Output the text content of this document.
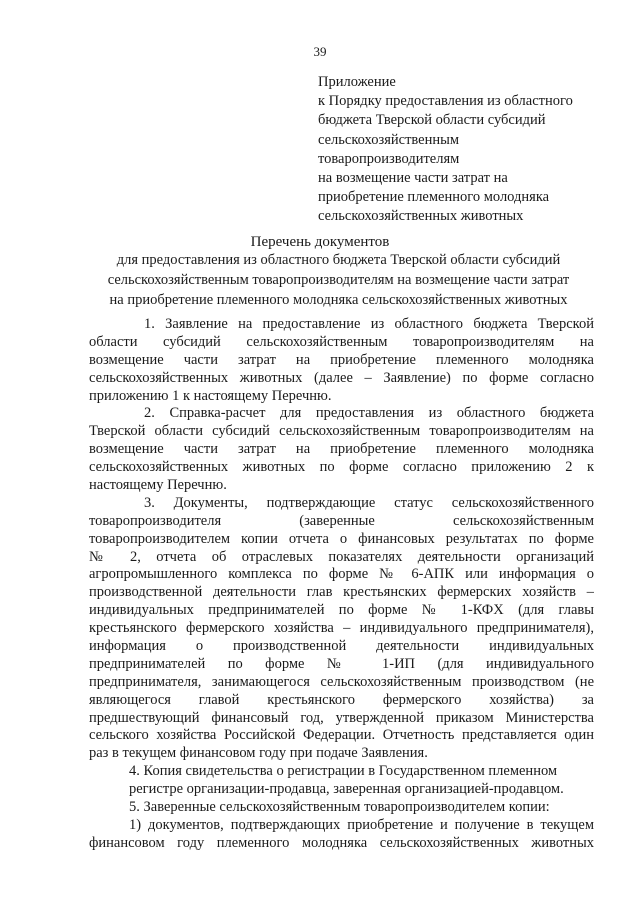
39
Приложение
к Порядку предоставления из областного
бюджета Тверской области субсидий
сельскохозяйственным
товаропроизводителям
на возмещение части затрат на
приобретение племенного молодняка
сельскохозяйственных животных
Перечень документов
для предоставления из областного бюджета Тверской области субсидий
сельскохозяйственным товаропроизводителям на возмещение части затрат
на приобретение племенного молодняка сельскохозяйственных животных
1. Заявление на предоставление из областного бюджета Тверской
области субсидий сельскохозяйственным товаропроизводителям на
возмещение части затрат на приобретение племенного молодняка
сельскохозяйственных животных (далее – Заявление) по форме согласно
приложению 1 к настоящему Перечню.
2. Справка-расчет для предоставления из областного бюджета
Тверской области субсидий сельскохозяйственным товаропроизводителям на
возмещение части затрат на приобретение племенного молодняка
сельскохозяйственных животных по форме согласно приложению 2 к
настоящему Перечню.
3. Документы, подтверждающие статус сельскохозяйственного
товаропроизводителя (заверенные сельскохозяйственным
товаропроизводителем копии отчета о финансовых результатах по форме
№ 2, отчета об отраслевых показателях деятельности организаций
агропромышленного комплекса по форме № 6-АПК или информация о
производственной деятельности глав крестьянских фермерских хозяйств –
индивидуальных предпринимателей по форме № 1-КФХ (для главы
крестьянского фермерского хозяйства – индивидуального предпринимателя),
информация о производственной деятельности индивидуальных
предпринимателей по форме № 1-ИП (для индивидуального
предпринимателя, занимающегося сельскохозяйственным производством (не
являющегося главой крестьянского фермерского хозяйства) за
предшествующий финансовый год, утвержденной приказом Министерства
сельского хозяйства Российской Федерации. Отчетность представляется один
раз в текущем финансовом году при подаче Заявления.
4. Копия свидетельства о регистрации в Государственном племенном
регистре организации-продавца, заверенная организацией-продавцом.
5. Заверенные сельскохозяйственным товаропроизводителем копии:
1) документов, подтверждающих приобретение и получение в текущем
финансовом году племенного молодняка сельскохозяйственных животных
